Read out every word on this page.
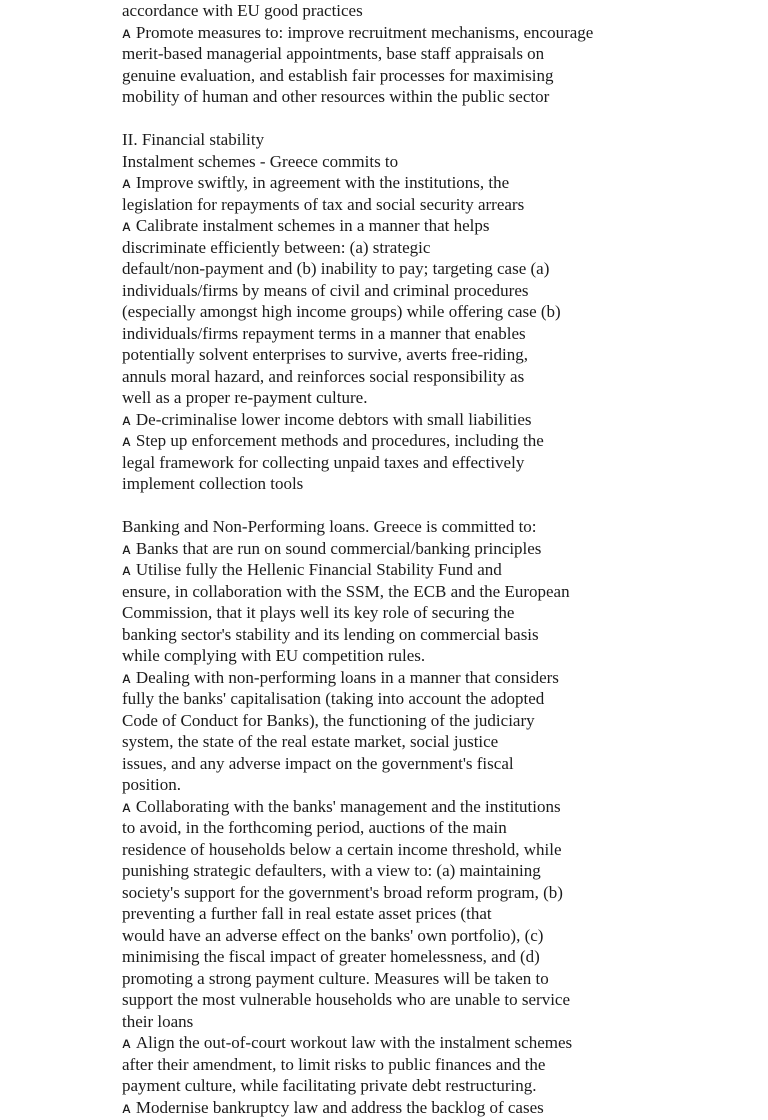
accordance with EU good practices
ᴀ Promote measures to: improve recruitment mechanisms, encourage
merit-based managerial appointments, base staff appraisals on
genuine evaluation, and establish fair processes for maximising
mobility of human and other resources within the public sector
II. Financial stability
Instalment schemes - Greece commits to
ᴀ Improve swiftly, in agreement with the institutions, the
legislation for repayments of tax and social security arrears
ᴀ Calibrate instalment schemes in a manner that helps
discriminate efficiently between: (a) strategic
default/non-payment and (b) inability to pay; targeting case (a)
individuals/firms by means of civil and criminal procedures
(especially amongst high income groups) while offering case (b)
individuals/firms repayment terms in a manner that enables
potentially solvent enterprises to survive, averts free-riding,
annuls moral hazard, and reinforces social responsibility as
well as a proper re-payment culture.
ᴀ De-criminalise lower income debtors with small liabilities
ᴀ Step up enforcement methods and procedures, including the
legal framework for collecting unpaid taxes and effectively
implement collection tools
Banking and Non-Performing loans. Greece is committed to:
ᴀ Banks that are run on sound commercial/banking principles
ᴀ Utilise fully the Hellenic Financial Stability Fund and
ensure, in collaboration with the SSM, the ECB and the European
Commission, that it plays well its key role of securing the
banking sector's stability and its lending on commercial basis
while complying with EU competition rules.
ᴀ Dealing with non-performing loans in a manner that considers
fully the banks' capitalisation (taking into account the adopted
Code of Conduct for Banks), the functioning of the judiciary
system, the state of the real estate market, social justice
issues, and any adverse impact on the government's fiscal
position.
ᴀ Collaborating with the banks' management and the institutions
to avoid, in the forthcoming period, auctions of the main
residence of households below a certain income threshold, while
punishing strategic defaulters, with a view to: (a) maintaining
society's support for the government's broad reform program, (b)
preventing a further fall in real estate asset prices (that
would have an adverse effect on the banks' own portfolio), (c)
minimising the fiscal impact of greater homelessness, and (d)
promoting a strong payment culture. Measures will be taken to
support the most vulnerable households who are unable to service
their loans
ᴀ Align the out-of-court workout law with the instalment schemes
after their amendment, to limit risks to public finances and the
payment culture, while facilitating private debt restructuring.
ᴀ Modernise bankruptcy law and address the backlog of cases
